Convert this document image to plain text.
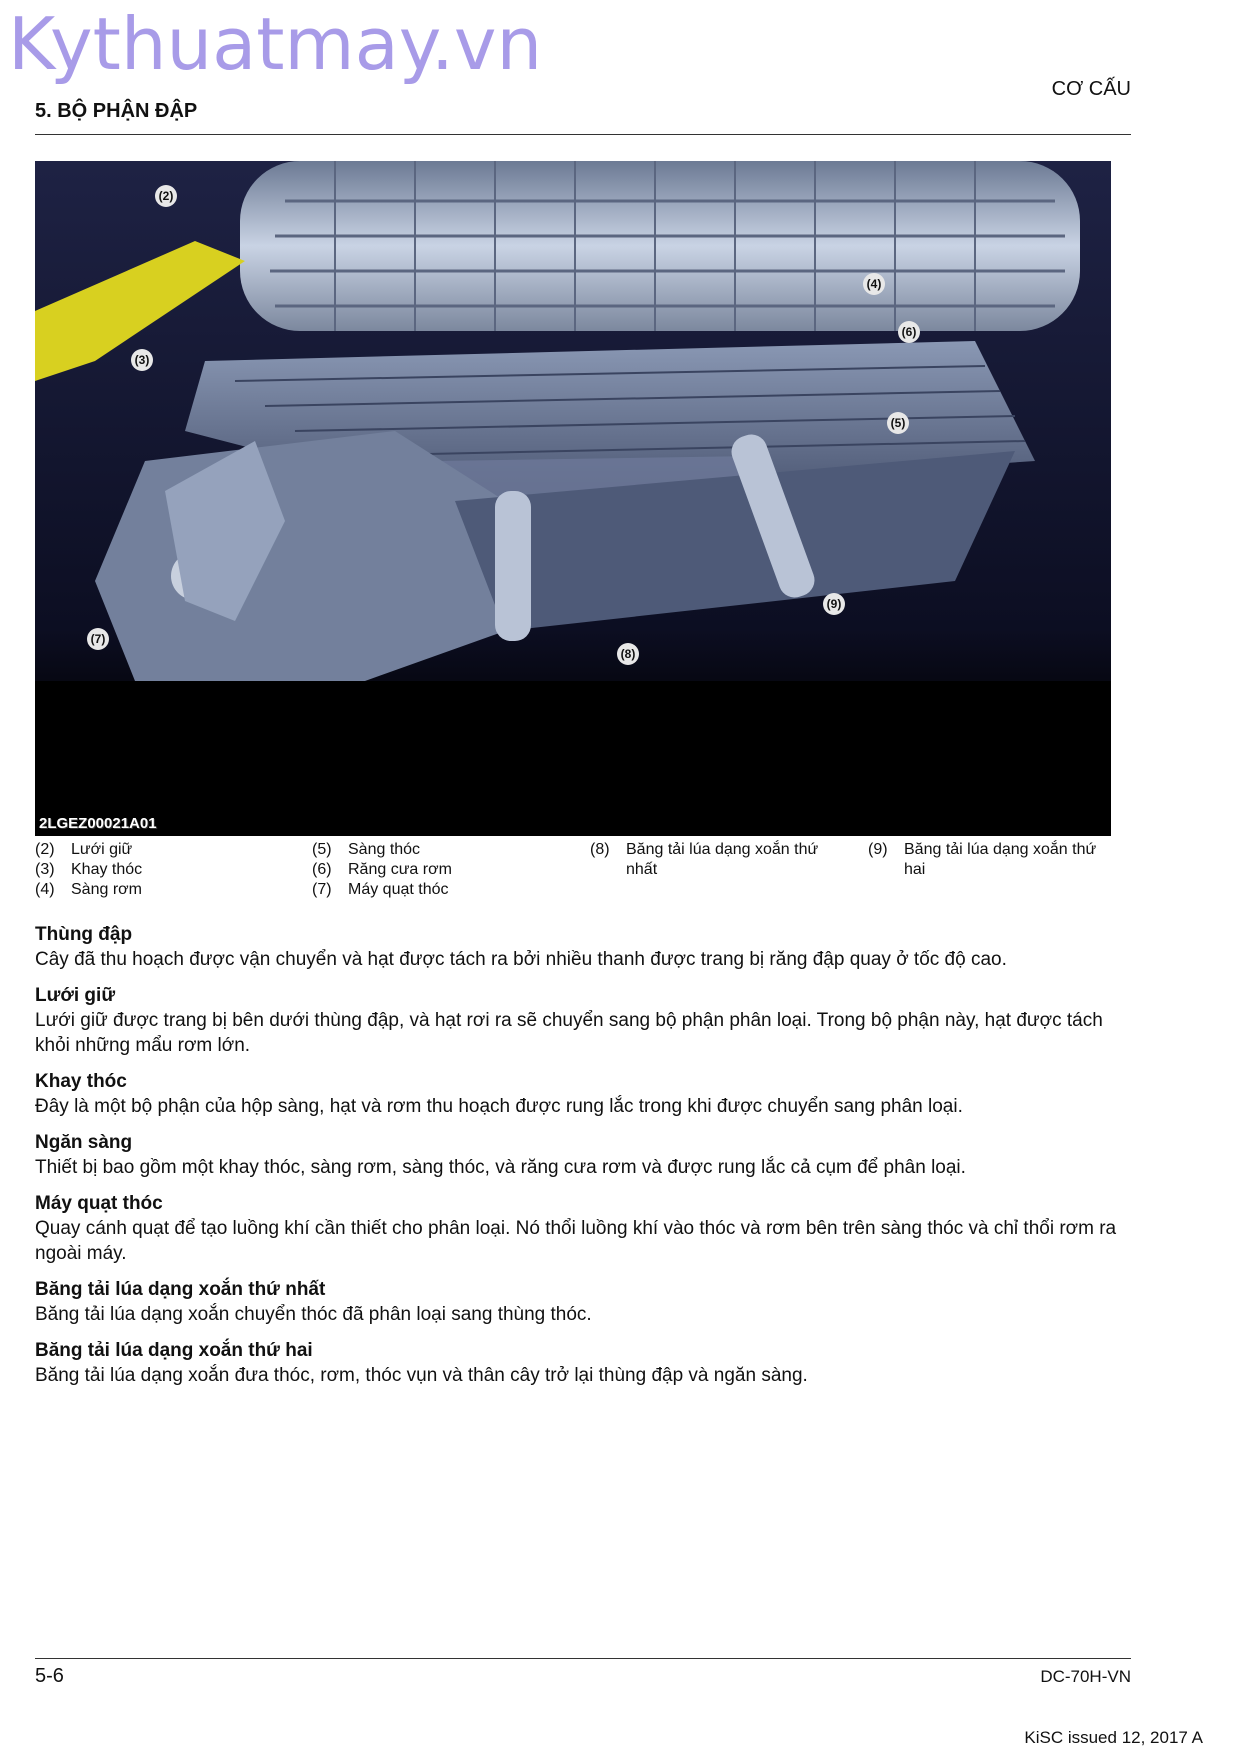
Kythuatmay.vn
CƠ CẤU
5. BỘ PHẬN ĐẬP
(2)
(3)
(4)
(5)
(6)
(7)
(8)
(9)
2LGEZ00021A01
(2)	Lưới giữ
(3)	Khay thóc
(4)	Sàng rơm
(5)	Sàng thóc
(6)	Răng cưa rơm
(7)	Máy quạt thóc
(8)	Băng tải lúa dạng xoắn thứ nhất
(9)	Băng tải lúa dạng xoắn thứ hai
Thùng đập

Cây đã thu hoạch được vận chuyển và hạt được tách ra bởi nhiều thanh được trang bị răng đập quay ở tốc độ cao.

Lưới giữ

Lưới giữ được trang bị bên dưới thùng đập, và hạt rơi ra sẽ chuyển sang bộ phận phân loại. Trong bộ phận này, hạt được tách khỏi những mẩu rơm lớn.

Khay thóc

Đây là một bộ phận của hộp sàng, hạt và rơm thu hoạch được rung lắc trong khi được chuyển sang phân loại.

Ngăn sàng

Thiết bị bao gồm một khay thóc, sàng rơm, sàng thóc, và răng cưa rơm và được rung lắc cả cụm để phân loại.

Máy quạt thóc

Quay cánh quạt để tạo luồng khí cần thiết cho phân loại. Nó thổi luồng khí vào thóc và rơm bên trên sàng thóc và chỉ thổi rơm ra ngoài máy.

Băng tải lúa dạng xoắn thứ nhất

Băng tải lúa dạng xoắn chuyển thóc đã phân loại sang thùng thóc.

Băng tải lúa dạng xoắn thứ hai

Băng tải lúa dạng xoắn đưa thóc, rơm, thóc vụn và thân cây trở lại thùng đập và ngăn sàng.

5-6	DC-70H-VN
KiSC issued 12, 2017 A
